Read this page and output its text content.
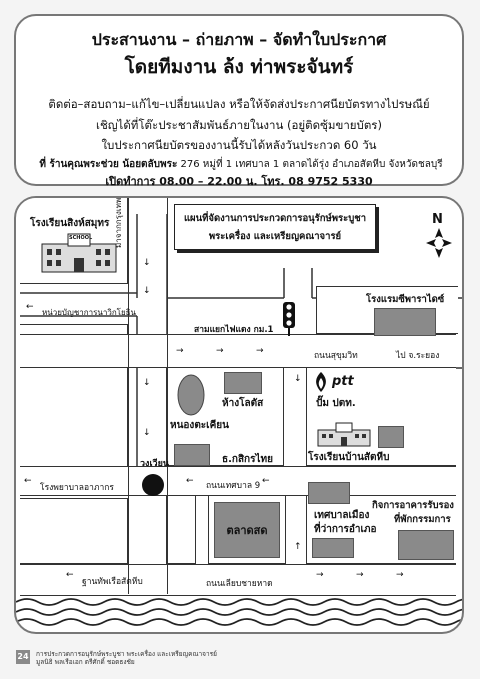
ประสานงาน – ถ่ายภาพ – จัดทำใบประกาศ
โดยทีมงาน ล้ง ท่าพระจันทร์
ติดต่อ–สอบถาม–แก้ไข–เปลี่ยนแปลง หรือให้จัดส่งประกาศนียบัตรทางไปรษณีย์
เชิญได้ที่โต๊ะประชาสัมพันธ์ภายในงาน (อยู่ติดซุ้มขายบัตร)
ใบประกาศนียบัตรของงานนี้รับได้หลังวันประกวด 60 วัน
ที่ ร้านคุณพระช่วย น้อยตลับพระ 276 หมู่ที่ 1 เทศบาล 1 ตลาดได้รุ่ง อำเภอสัตหีบ จังหวัดชลบุรี
เปิดทำการ 08.00 – 22.00 น. โทร. 08 9752 5330
แผนที่จัดงานการประกวดการอนุรักษ์พระบูชา
พระเครื่อง และเหรียญคณาจารย์
N
โรงเรียนสิงห์สมุทร
SCHOOL	มาจากกรุงเทพ
↓
↓
↓
↓
หน่วยบัญชาการนาวิกโยธิน
←
สามแยกไฟแดง กม.1
โรงแรมซีพาราไดซ์
ถนนสุขุมวิท	ไป จ.ระยอง
→	→	→
↓ ptt
ปั๊ม ปตท.
หนองตะเคียน
ห้างโลตัส
ธ.กสิกรไทย	โรงเรียนบ้านสัตหีบ
โรงพยาบาลอาภากร
←
วงเวียน
ถนนเทศบาล 9
←	←
ตลาดสด
เทศบาลเมือง
ที่ว่าการอำเภอ
กิจการอาคารรับรอง
ที่พักกรรมการ
ฐานทัพเรือสัตหีบ
←
ถนนเลียบชายหาด
→	→	→
↑
24 การประกวดการอนุรักษ์พระบูชา พระเครื่อง และเหรียญคณาจารย์
มูลนิธิ พลเรือเอก ตรีศักดิ์ ชอตธงชัย
